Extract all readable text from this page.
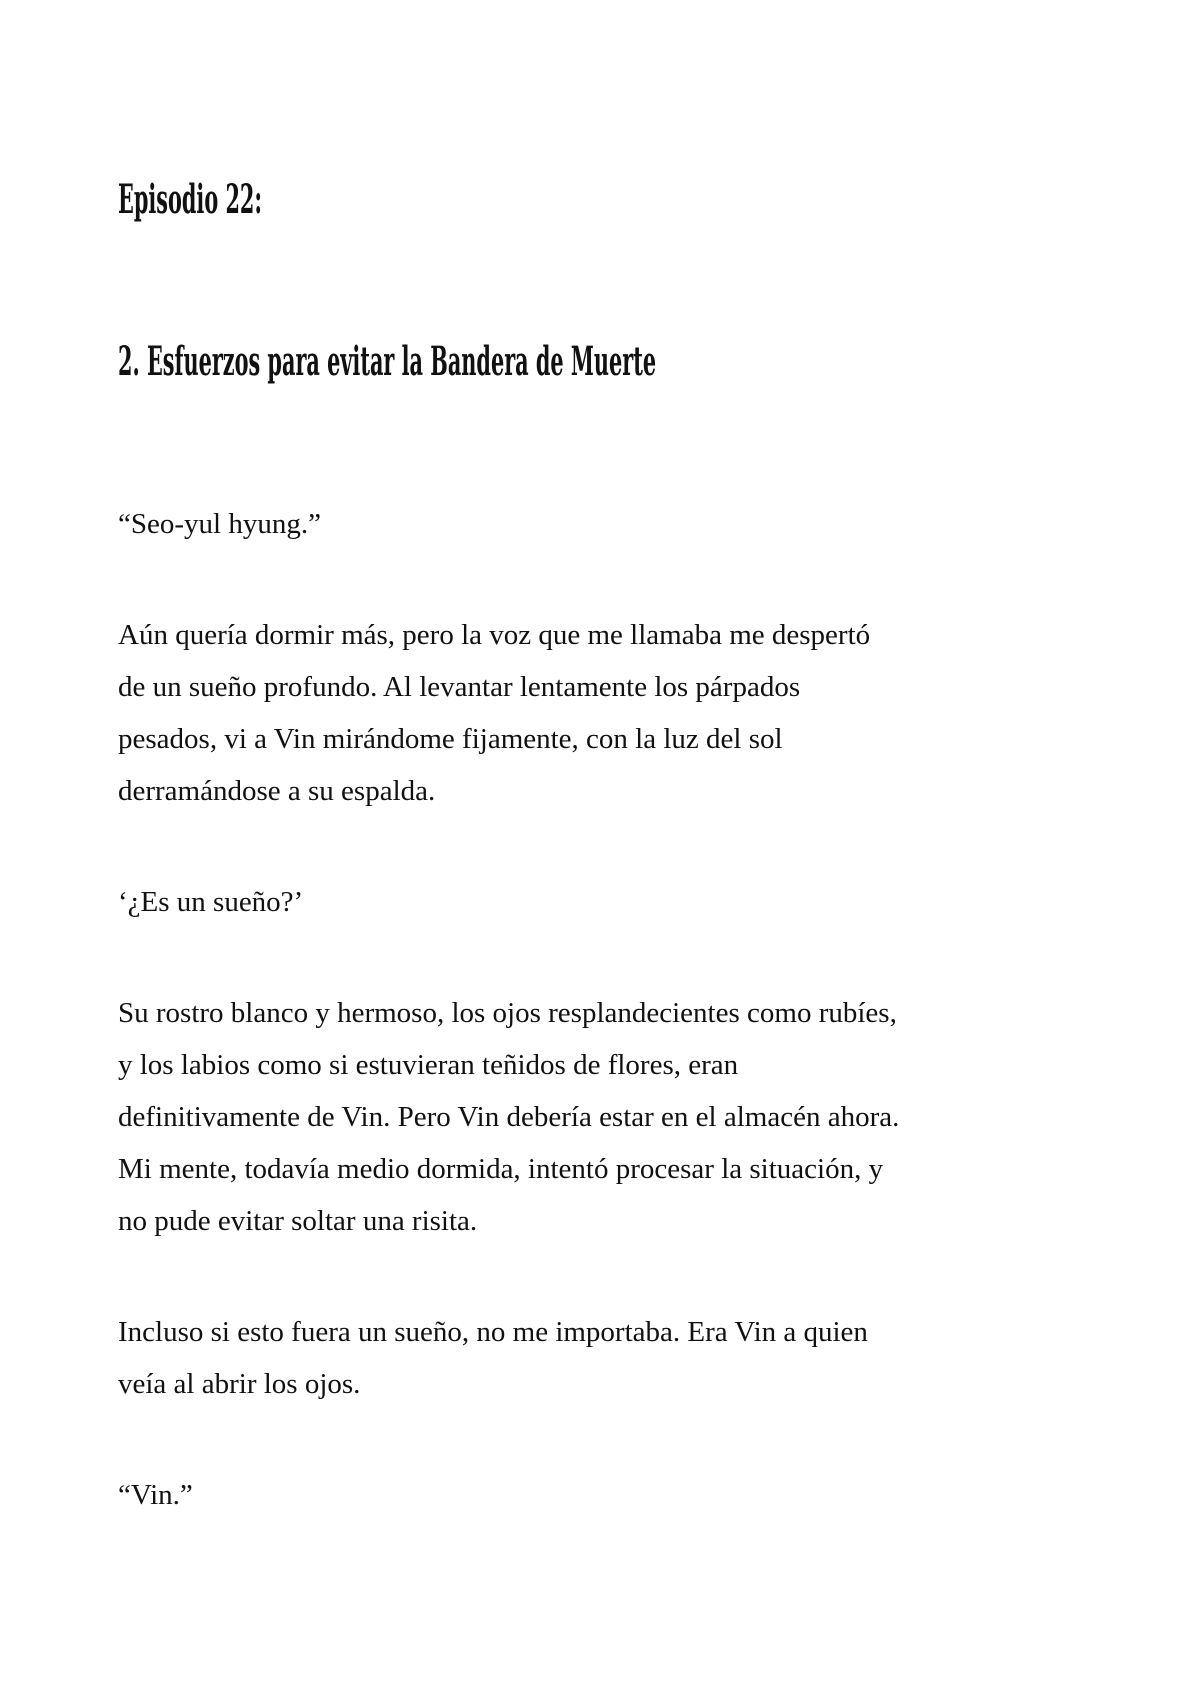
Episodio 22:
2. Esfuerzos para evitar la Bandera de Muerte
“Seo-yul hyung.”
Aún quería dormir más, pero la voz que me llamaba me despertó
de un sueño profundo. Al levantar lentamente los párpados
pesados, vi a Vin mirándome fijamente, con la luz del sol
derramándose a su espalda.
‘¿Es un sueño?’
Su rostro blanco y hermoso, los ojos resplandecientes como rubíes,
y los labios como si estuvieran teñidos de flores, eran
definitivamente de Vin. Pero Vin debería estar en el almacén ahora.
Mi mente, todavía medio dormida, intentó procesar la situación, y
no pude evitar soltar una risita.
Incluso si esto fuera un sueño, no me importaba. Era Vin a quien
veía al abrir los ojos.
“Vin.”
